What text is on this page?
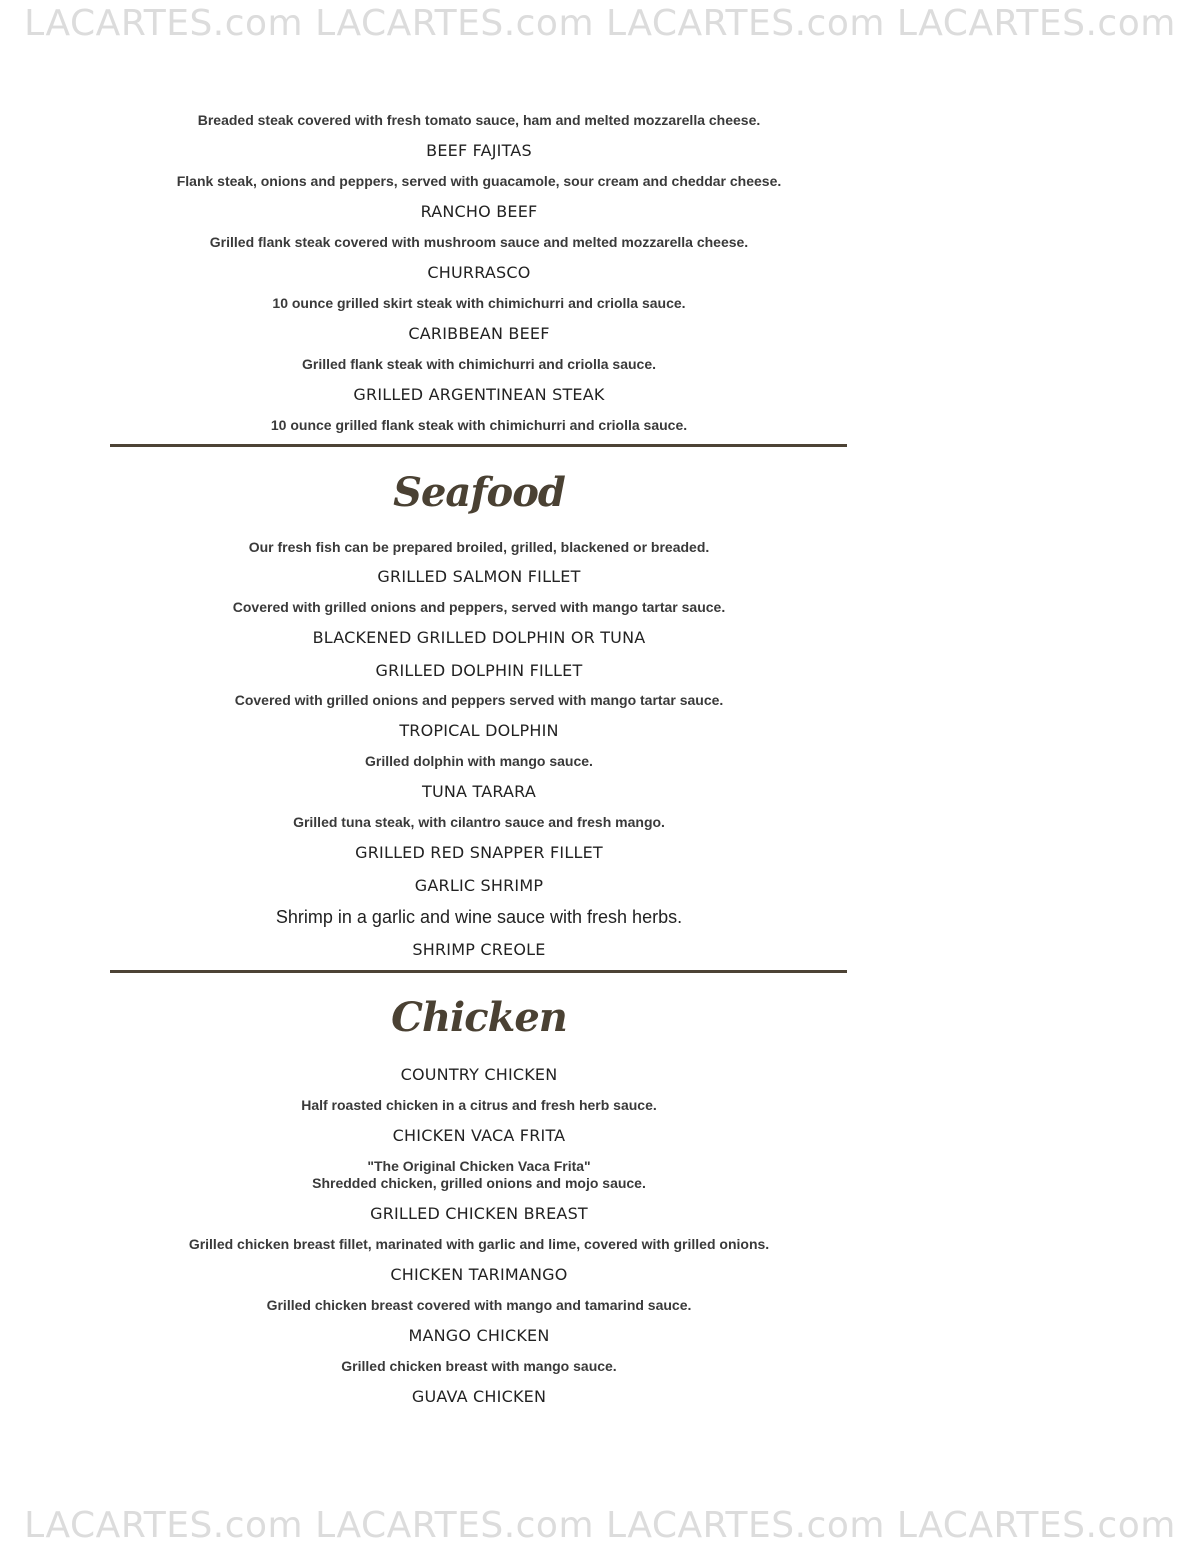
LACARTES.com LACARTES.com LACARTES.com LACARTES.com
Breaded steak covered with fresh tomato sauce, ham and melted mozzarella cheese.
BEEF FAJITAS
Flank steak, onions and peppers, served with guacamole, sour cream and cheddar cheese.
RANCHO BEEF
Grilled flank steak covered with mushroom sauce and melted mozzarella cheese.
CHURRASCO
10 ounce grilled skirt steak with chimichurri and criolla sauce.
CARIBBEAN BEEF
Grilled flank steak with chimichurri and criolla sauce.
GRILLED ARGENTINEAN STEAK
10 ounce grilled flank steak with chimichurri and criolla sauce.
Seafood
Our fresh fish can be prepared broiled, grilled, blackened or breaded.
GRILLED SALMON FILLET
Covered with grilled onions and peppers, served with mango tartar sauce.
BLACKENED GRILLED DOLPHIN OR TUNA
GRILLED DOLPHIN FILLET
Covered with grilled onions and peppers served with mango tartar sauce.
TROPICAL DOLPHIN
Grilled dolphin with mango sauce.
TUNA TARARA
Grilled tuna steak, with cilantro sauce and fresh mango.
GRILLED RED SNAPPER FILLET
GARLIC SHRIMP
Shrimp in a garlic and wine sauce with fresh herbs.
SHRIMP CREOLE
Chicken
COUNTRY CHICKEN
Half roasted chicken in a citrus and fresh herb sauce.
CHICKEN VACA FRITA
"The Original Chicken Vaca Frita"
Shredded chicken, grilled onions and mojo sauce.
GRILLED CHICKEN BREAST
Grilled chicken breast fillet, marinated with garlic and lime, covered with grilled onions.
CHICKEN TARIMANGO
Grilled chicken breast covered with mango and tamarind sauce.
MANGO CHICKEN
Grilled chicken breast with mango sauce.
GUAVA CHICKEN
LACARTES.com LACARTES.com LACARTES.com LACARTES.com
